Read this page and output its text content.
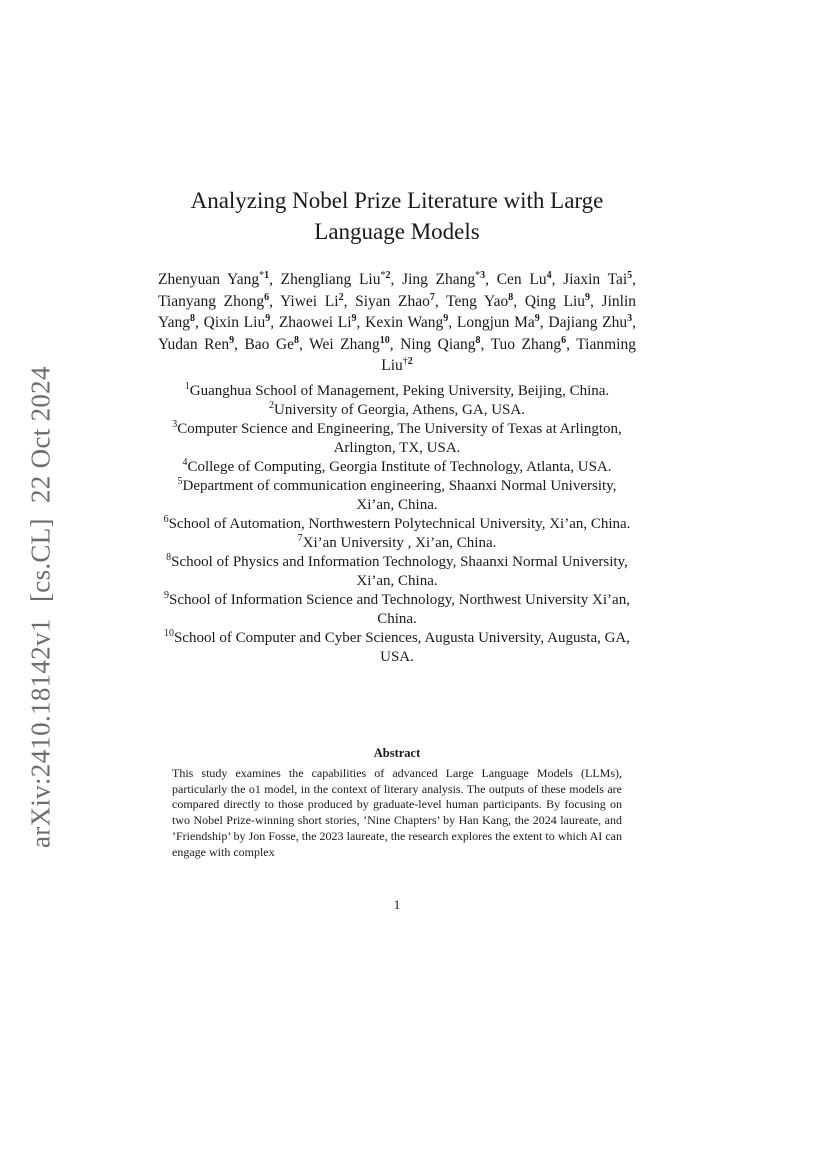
arXiv:2410.18142v1
[cs.CL]
22 Oct 2024
Analyzing Nobel Prize Literature with Large
Language Models
Zhenyuan Yang$^{*1}$, Zhengliang Liu$^{*2}$, Jing Zhang$^{*3}$, Cen Lu$^4$, Jiaxin Tai$^5$, Tianyang Zhong$^6$, Yiwei Li$^2$, Siyan Zhao$^7$, Teng Yao$^8$, Qing Liu$^9$, Jinlin Yang$^8$, Qixin Liu$^9$, Zhaowei Li$^9$, Kexin Wang$^9$, Longjun Ma$^9$, Dajiang Zhu$^3$, Yudan Ren$^9$, Bao Ge$^8$, Wei Zhang$^{10}$, Ning Qiang$^8$, Tuo Zhang$^6$, Tianming Liu$^{\dagger 2}$
$^1$Guanghua School of Management, Peking University, Beijing, China.
$^2$University of Georgia, Athens, GA, USA.
$^3$Computer Science and Engineering, The University of Texas at Arlington, Arlington, TX, USA.
$^4$College of Computing, Georgia Institute of Technology, Atlanta, USA.
$^5$Department of communication engineering, Shaanxi Normal University, Xi’an, China.
$^6$School of Automation, Northwestern Polytechnical University, Xi’an, China.
$^7$Xi’an University , Xi’an, China.
$^8$School of Physics and Information Technology, Shaanxi Normal University, Xi’an, China.
$^9$School of Information Science and Technology, Northwest University Xi’an, China.
$^{10}$School of Computer and Cyber Sciences, Augusta University, Augusta, GA, USA.
Abstract
This study examines the capabilities of advanced Large Language Models (LLMs), particularly the o1 model, in the context of literary analysis. The outputs of these models are compared directly to those produced by graduate-level human participants. By focusing on two Nobel Prize-winning short stories, ’Nine Chapters’ by Han Kang, the 2024 laureate, and ’Friendship’ by Jon Fosse, the 2023 laureate, the research explores the extent to which AI can engage with complex
1
